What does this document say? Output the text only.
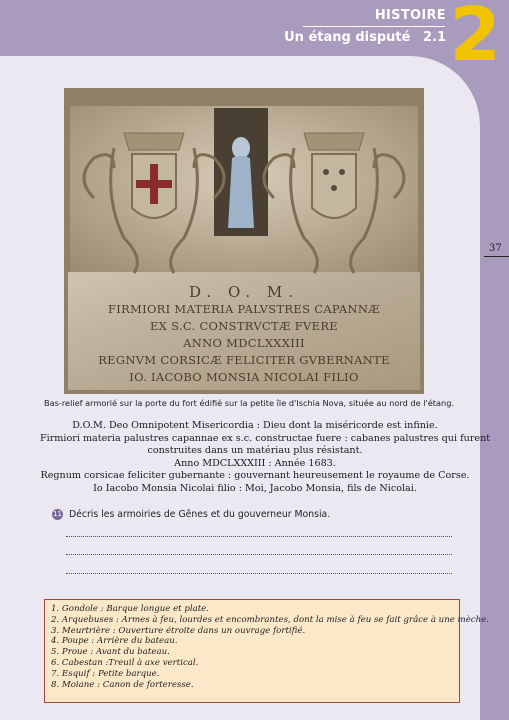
HISTOIRE
Un étang disputé 2.1 2
37
D. O. M.
FIRMIORI MATERIA PALVSTRES CAPANNÆ
EX S.C. CONSTRVCTÆ FVERE
ANNO MDCLXXXIII
REGNVM CORSICÆ FELICITER GVBERNANTE
IO. IACOBO MONSIA NICOLAI FILIO
Bas-relief armorié sur la porte du fort édifié sur la petite île d'Ischia Nova, située au nord de l'étang.
D.O.M. Deo Omnipotent Misericordia : Dieu dont la miséricorde est infinie.
Firmiori materia palustres capannae ex s.c. constructae fuere : cabanes palustres qui furent
construites dans un matériau plus résistant.
Anno MDCLXXXIII : Année 1683.
Regnum corsicae feliciter gubernante : gouvernant heureusement le royaume de Corse.
Io Iacobo Monsia Nicolai filio : Moi, Jacobo Monsia, fils de Nicolai.
11 Décris les armoiries de Gênes et du gouverneur Monsia.
1. Gondole : Barque longue et plate.
2. Arquebuses : Armes à feu, lourdes et encombrantes, dont la mise à feu se fait grâce à une mèche.
3. Meurtrière : Ouverture étroite dans un ouvrage fortifié.
4. Poupe : Arrière du bateau.
5. Proue : Avant du bateau.
6. Cabestan :Treuil à axe vertical.
7. Esquif : Petite barque.
8. Moiane : Canon de forteresse.
